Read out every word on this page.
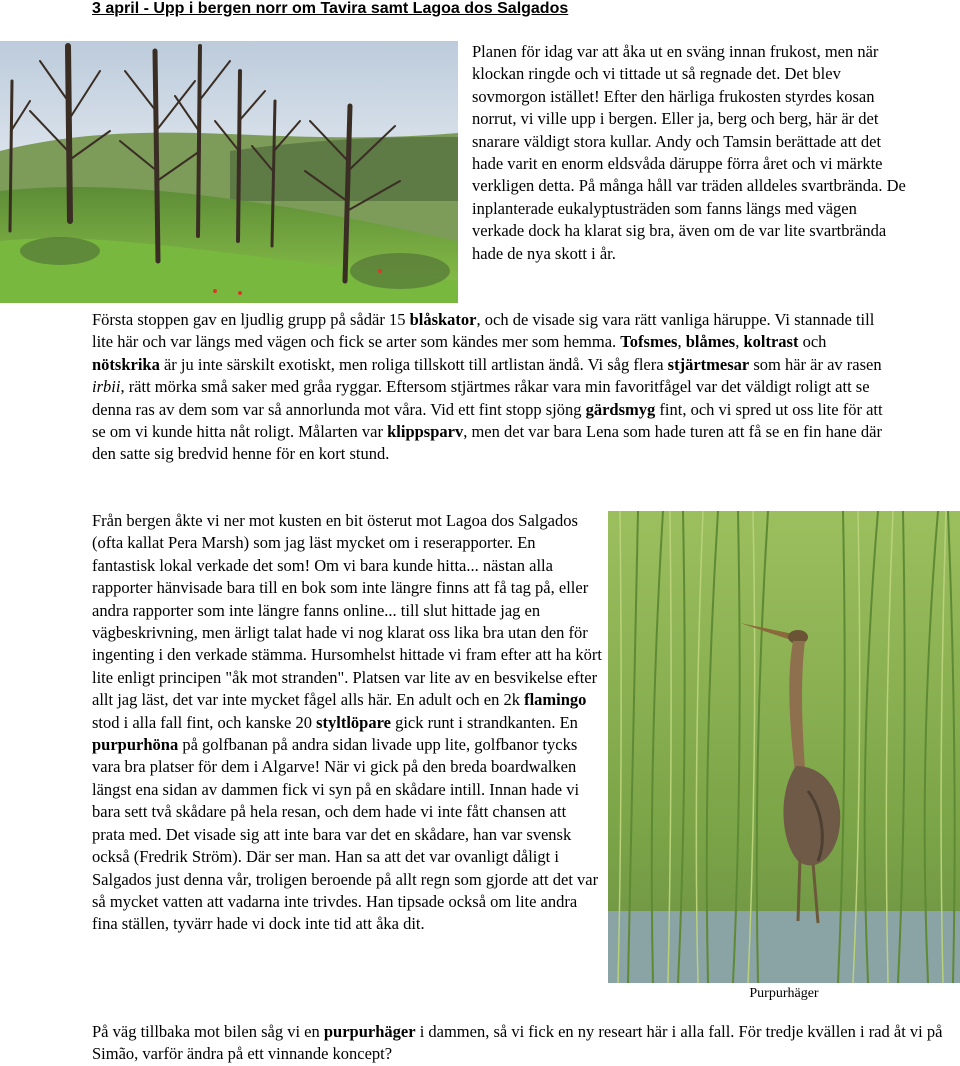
3 april - Upp i bergen norr om Tavira samt Lagoa dos Salgados

Planen för idag var att åka ut en sväng innan frukost, men när klockan ringde och vi tittade ut så regnade det. Det blev sovmorgon istället! Efter den härliga frukosten styrdes kosan norrut, vi ville upp i bergen. Eller ja, berg och berg, här är det snarare väldigt stora kullar. Andy och Tamsin berättade att det hade varit en enorm eldsvåda däruppe förra året och vi märkte verkligen detta. På många håll var träden alldeles svartbrända. De inplanterade eukalyptusträden som fanns längs med vägen verkade dock ha klarat sig bra, även om de var lite svartbrända hade de nya skott i år.

Första stoppen gav en ljudlig grupp på sådär 15 blåskator, och de visade sig vara rätt vanliga häruppe. Vi stannade till lite här och var längs med vägen och fick se arter som kändes mer som hemma. Tofsmes, blåmes, koltrast och nötskrika är ju inte särskilt exotiskt, men roliga tillskott till artlistan ändå. Vi såg flera stjärtmesar som här är av rasen irbii, rätt mörka små saker med gråa ryggar. Eftersom stjärtmes råkar vara min favoritfågel var det väldigt roligt att se denna ras av dem som var så annorlunda mot våra. Vid ett fint stopp sjöng gärdsmyg fint, och vi spred ut oss lite för att se om vi kunde hitta nåt roligt. Målarten var klippsparv, men det var bara Lena som hade turen att få se en fin hane där den satte sig bredvid henne för en kort stund.

Från bergen åkte vi ner mot kusten en bit österut mot Lagoa dos Salgados (ofta kallat Pera Marsh) som jag läst mycket om i reserapporter. En fantastisk lokal verkade det som! Om vi bara kunde hitta... nästan alla rapporter hänvisade bara till en bok som inte längre finns att få tag på, eller andra rapporter som inte längre fanns online... till slut hittade jag en vägbeskrivning, men ärligt talat hade vi nog klarat oss lika bra utan den för ingenting i den verkade stämma. Hursomhelst hittade vi fram efter att ha kört lite enligt principen "åk mot stranden". Platsen var lite av en besvikelse efter allt jag läst, det var inte mycket fågel alls här. En adult och en 2k flamingo stod i alla fall fint, och kanske 20 styltlöpare gick runt i strandkanten. En purpurhöna på golfbanan på andra sidan livade upp lite, golfbanor tycks vara bra platser för dem i Algarve! När vi gick på den breda boardwalken längst ena sidan av dammen fick vi syn på en skådare intill. Innan hade vi bara sett två skådare på hela resan, och dem hade vi inte fått chansen att prata med. Det visade sig att inte bara var det en skådare, han var svensk också (Fredrik Ström). Där ser man. Han sa att det var ovanligt dåligt i Salgados just denna vår, troligen beroende på allt regn som gjorde att det var så mycket vatten att vadarna inte trivdes. Han tipsade också om lite andra fina ställen, tyvärr hade vi dock inte tid att åka dit.

Purpurhäger

På väg tillbaka mot bilen såg vi en purpurhäger i dammen, så vi fick en ny researt här i alla fall. För tredje kvällen i rad åt vi på Simão, varför ändra på ett vinnande koncept?
